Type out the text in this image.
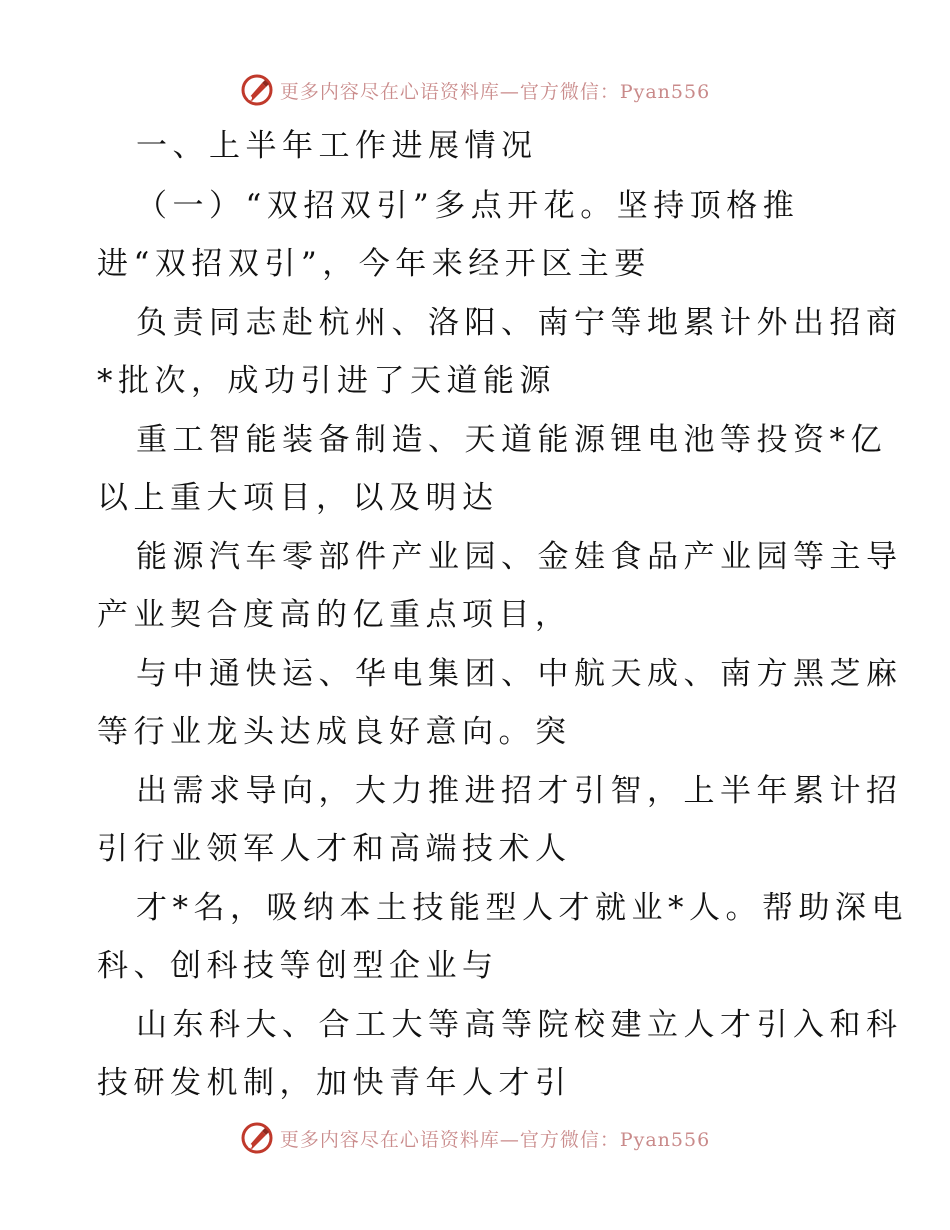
更多内容尽在心语资料库—官方微信：Pyan556
一、上半年工作进展情况
（一）“双招双引”多点开花。坚持顶格推
进“双招双引”，今年来经开区主要
负责同志赴杭州、洛阳、南宁等地累计外出招商
*批次，成功引进了天道能源
重工智能装备制造、天道能源锂电池等投资*亿
以上重大项目，以及明达
能源汽车零部件产业园、金娃食品产业园等主导
产业契合度高的亿重点项目，
与中通快运、华电集团、中航天成、南方黑芝麻
等行业龙头达成良好意向。突
出需求导向，大力推进招才引智，上半年累计招
引行业领军人才和高端技术人
才*名，吸纳本土技能型人才就业*人。帮助深电
科、创科技等创型企业与
山东科大、合工大等高等院校建立人才引入和科
技研发机制，加快青年人才引
更多内容尽在心语资料库—官方微信：Pyan556
